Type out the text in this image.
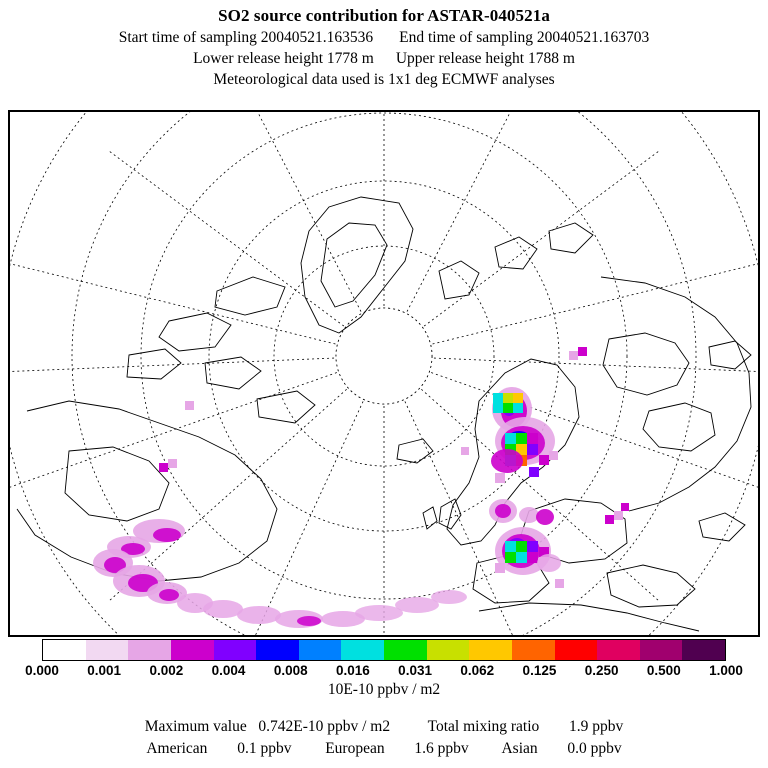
SO2 source contribution for ASTAR-040521a
Start time of sampling
20040521.163536 End time of sampling
20040521.163703
Lower release height
1778 m Upper release height
1788 m
Meteorological data used is 1x1 deg ECMWF analyses
0.000 0.001 0.002 0.004 0.008 0.016 0.031 0.062 0.125 0.250 0.500 1.000
10E-10 ppbv / m2
Maximum value 0.742E-10 ppbv / m2 Total mixing ratio 1.9 ppbv
American 0.1 ppbv European 1.6 ppbv Asian 0.0 ppbv
